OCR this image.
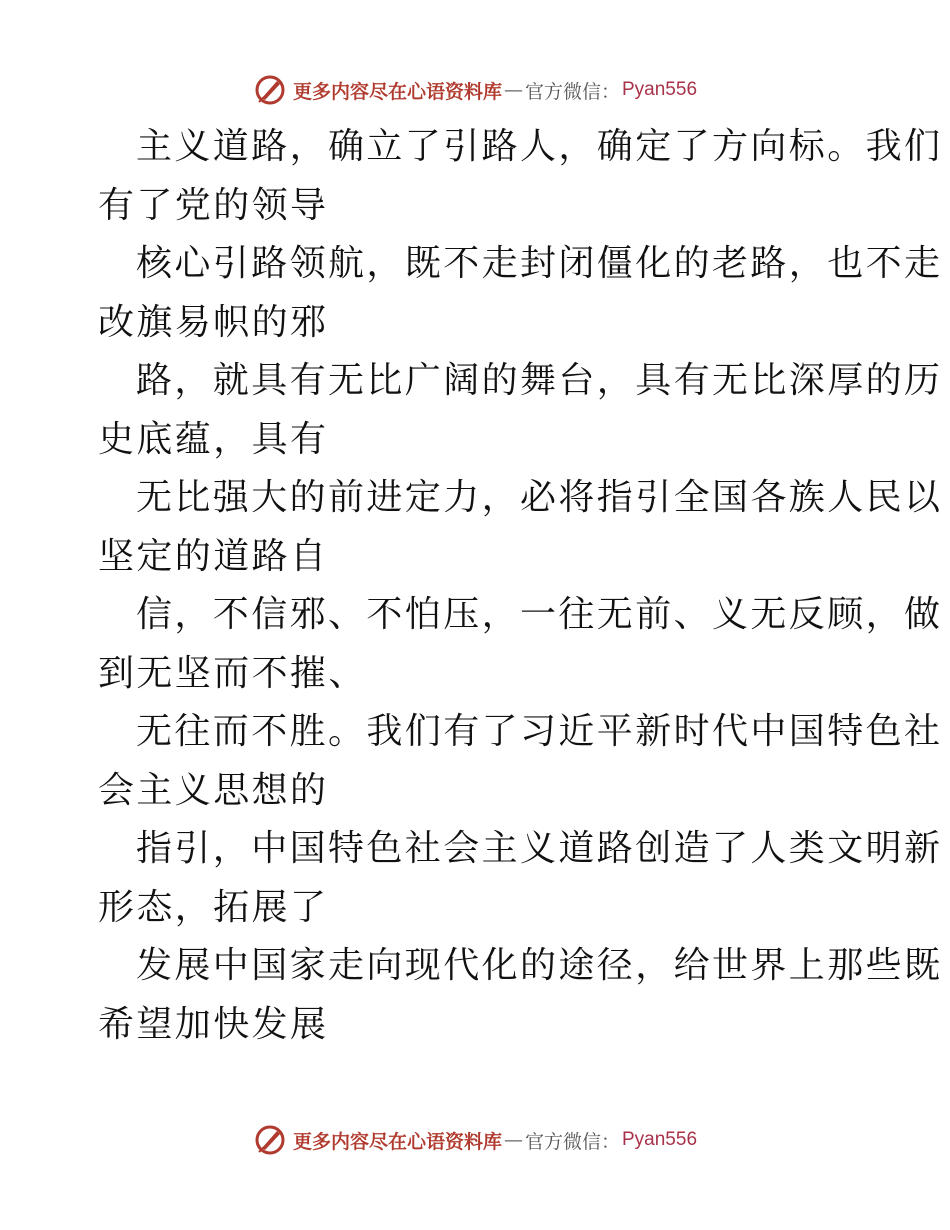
更多内容尽在心语资料库 — 官方微信： Pyan556

主义道路，确立了引路人，确定了方向标。我们

有了党的领导

核心引路领航，既不走封闭僵化的老路，也不走

改旗易帜的邪

路，就具有无比广阔的舞台，具有无比深厚的历

史底蕴，具有

无比强大的前进定力，必将指引全国各族人民以

坚定的道路自

信，不信邪、不怕压，一往无前、义无反顾，做

到无坚而不摧、

无往而不胜。我们有了习近平新时代中国特色社

会主义思想的

指引，中国特色社会主义道路创造了人类文明新

形态，拓展了

发展中国家走向现代化的途径，给世界上那些既

希望加快发展

更多内容尽在心语资料库 — 官方微信： Pyan556
